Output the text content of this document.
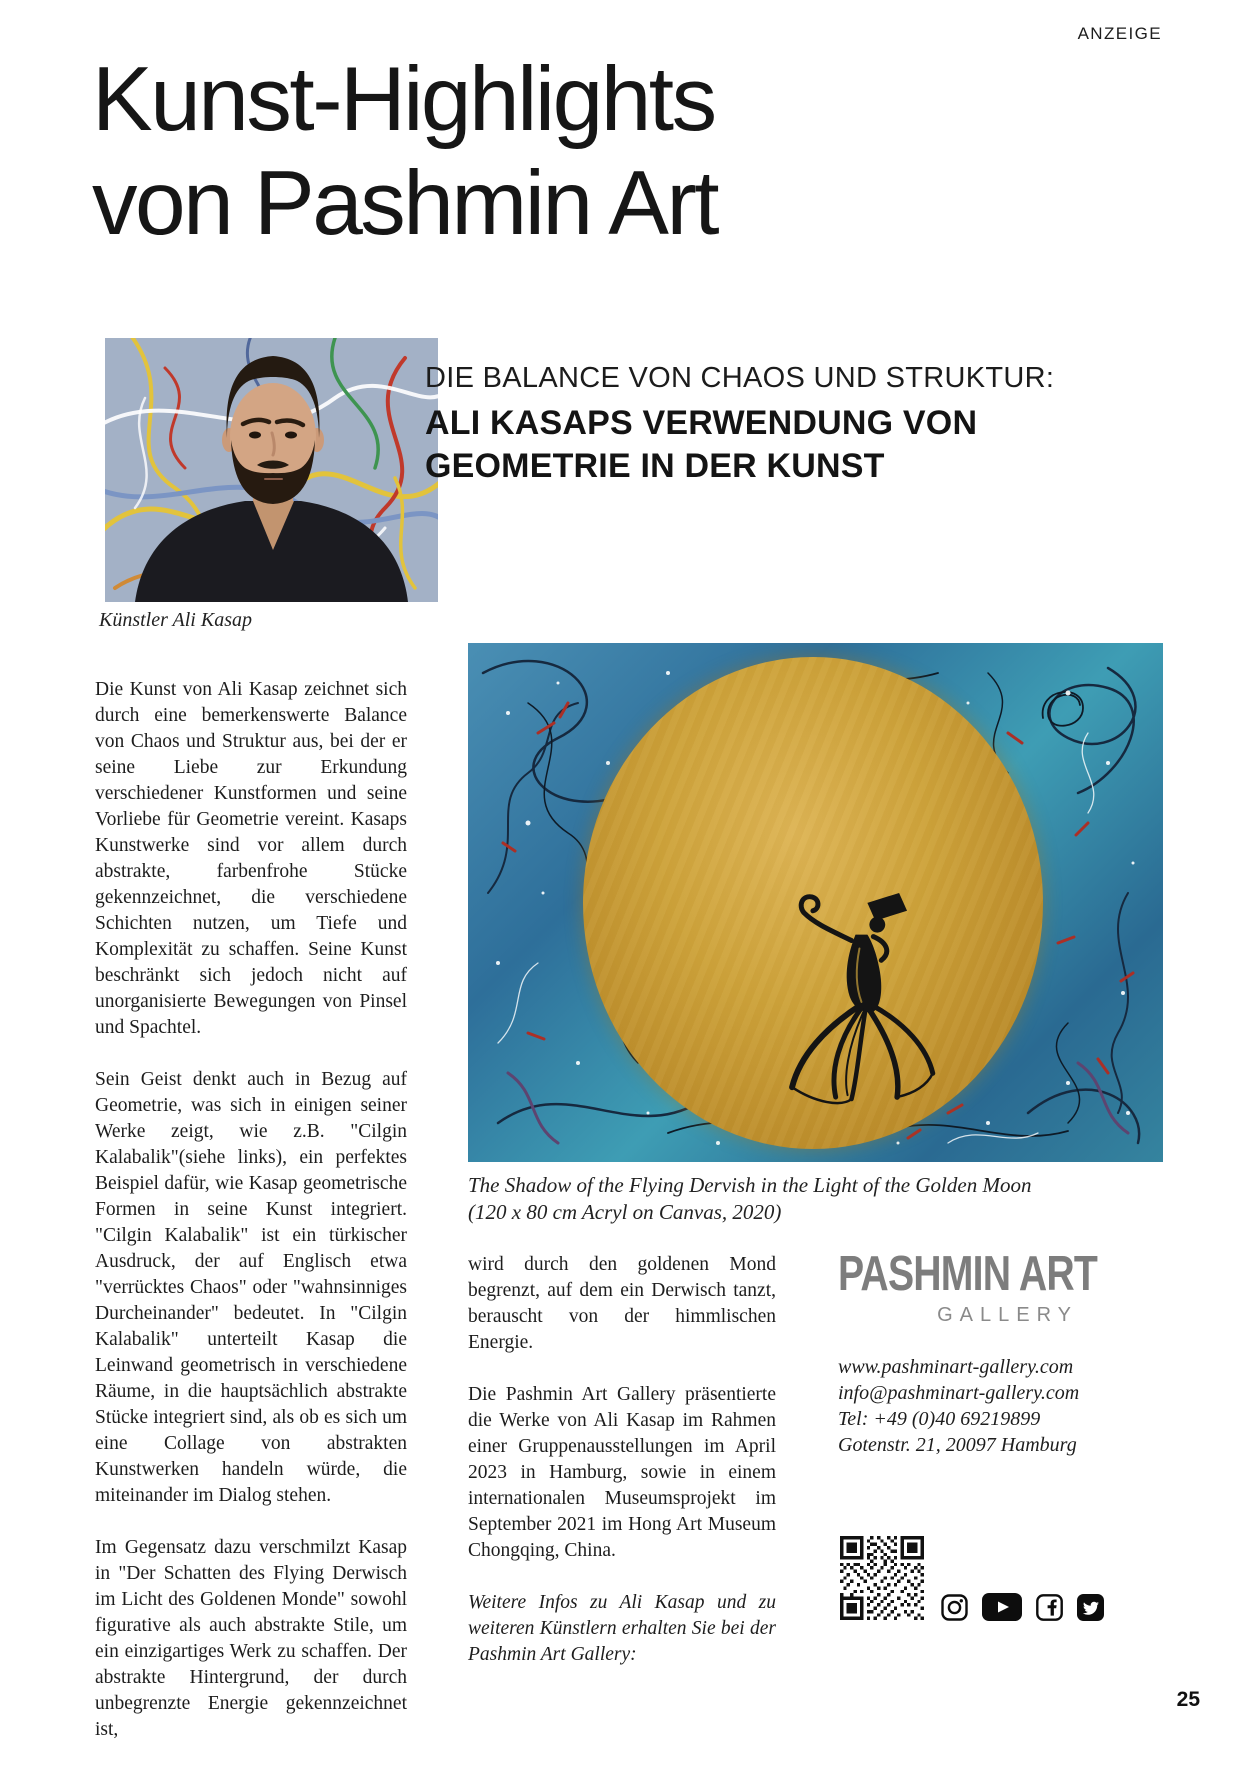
ANZEIGE
Kunst-Highlights
von Pashmin Art
Künstler Ali Kasap
DIE BALANCE VON CHAOS UND STRUKTUR:
ALI KASAPS VERWENDUNG VON
GEOMETRIE IN DER KUNST

Die Kunst von Ali Kasap zeichnet sich durch eine bemerkenswerte Balance von Chaos und Struktur aus, bei der er seine Liebe zur Erkundung verschiedener Kunstformen und seine Vorliebe für Geometrie vereint. Kasaps Kunstwerke sind vor allem durch abstrakte, farbenfrohe Stücke gekennzeichnet, die verschiedene Schichten nutzen, um Tiefe und Komplexität zu schaffen. Seine Kunst beschränkt sich jedoch nicht auf unorganisierte Bewegungen von Pinsel und Spachtel.

Sein Geist denkt auch in Bezug auf Geometrie, was sich in einigen seiner Werke zeigt, wie z.B. "Cilgin Kalabalik"(siehe links), ein perfektes Beispiel dafür, wie Kasap geometrische Formen in seine Kunst integriert. "Cilgin Kalabalik" ist ein türkischer Ausdruck, der auf Englisch etwa "verrücktes Chaos" oder "wahnsinniges Durcheinander" bedeutet. In "Cilgin Kalabalik" unterteilt Kasap die Leinwand geometrisch in verschiedene Räume, in die hauptsächlich abstrakte Stücke integriert sind, als ob es sich um eine Collage von abstrakten Kunstwerken handeln würde, die miteinander im Dialog stehen.

Im Gegensatz dazu verschmilzt Kasap in "Der Schatten des Flying Derwisch im Licht des Goldenen Monde" sowohl figurative als auch abstrakte Stile, um ein einzigartiges Werk zu schaffen. Der abstrakte Hintergrund, der durch unbegrenzte Energie gekennzeichnet ist,

The Shadow of the Flying Dervish in the Light of the Golden Moon
(120 x 80 cm Acryl on Canvas, 2020)

wird durch den goldenen Mond begrenzt, auf dem ein Derwisch tanzt, berauscht von der himmlischen Energie.

Die Pashmin Art Gallery präsentierte die Werke von Ali Kasap im Rahmen einer Gruppenausstellungen im April 2023 in Hamburg, sowie in einem internationalen Museumsprojekt im September 2021 im Hong Art Museum Chongqing, China.

Weitere Infos zu Ali Kasap und zu weiteren Künstlern erhalten Sie bei der Pashmin Art Gallery:

PASHMIN ART
GALLERY
www.pashminart-gallery.com
info@pashminart-gallery.com
Tel: +49 (0)40 69219899
Gotenstr. 21, 20097 Hamburg
25
